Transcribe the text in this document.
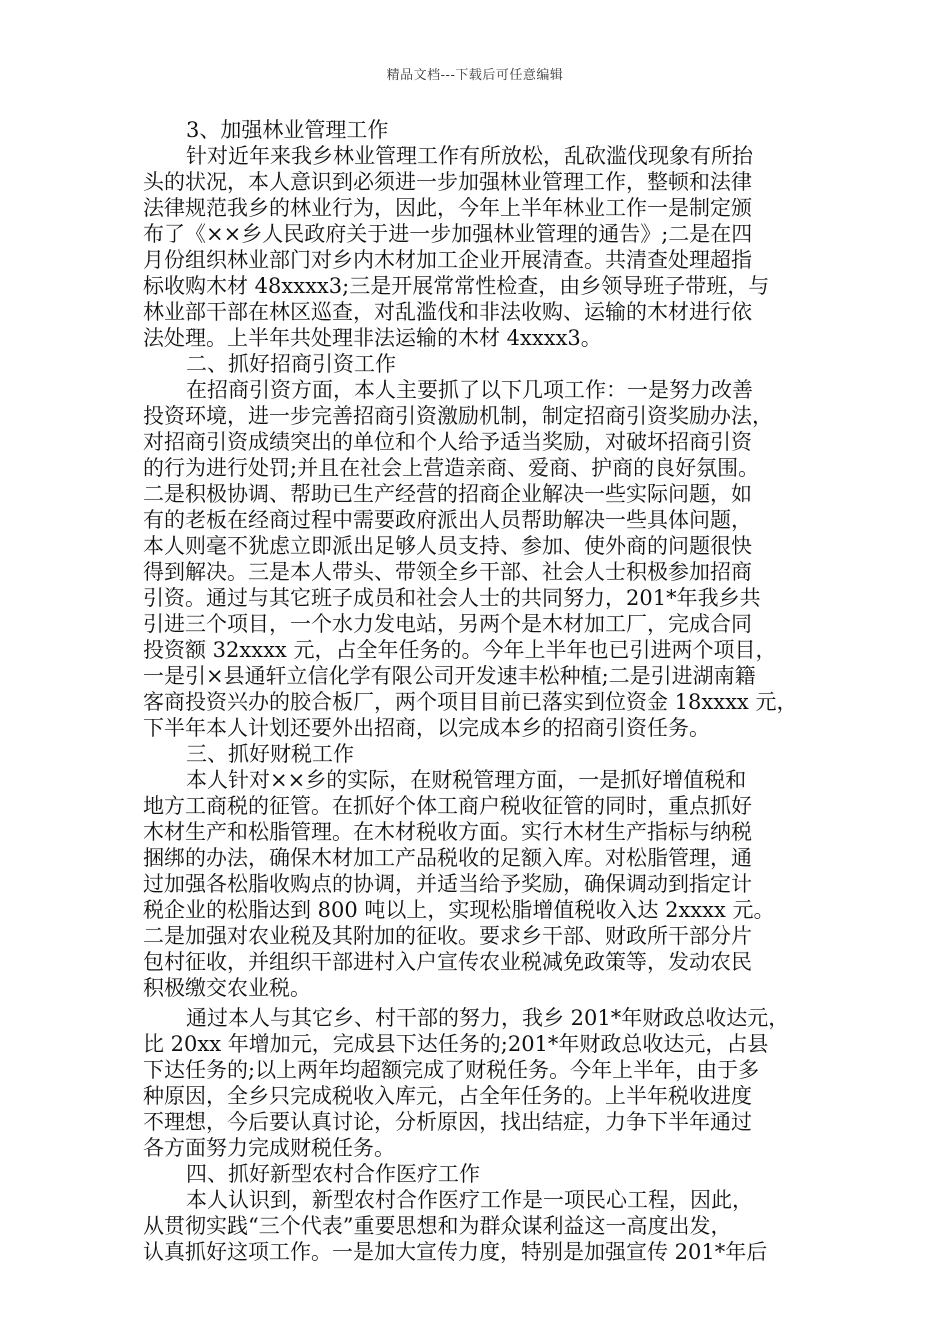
精品文档---下载后可任意编辑
3、加强林业管理工作
针对近年来我乡林业管理工作有所放松，乱砍滥伐现象有所抬
头的状况，本人意识到必须进一步加强林业管理工作，整顿和法律
法律规范我乡的林业行为，因此，今年上半年林业工作一是制定颁
布了《××乡人民政府关于进一步加强林业管理的通告》;二是在四
月份组织林业部门对乡内木材加工企业开展清查。共清查处理超指
标收购木材 48xxxx3;三是开展常常性检查，由乡领导班子带班，与
林业部干部在林区巡查，对乱滥伐和非法收购、运输的木材进行依
法处理。上半年共处理非法运输的木材 4xxxx3。
二、抓好招商引资工作
在招商引资方面，本人主要抓了以下几项工作：一是努力改善
投资环境，进一步完善招商引资激励机制，制定招商引资奖励办法，
对招商引资成绩突出的单位和个人给予适当奖励，对破坏招商引资
的行为进行处罚;并且在社会上营造亲商、爱商、护商的良好氛围。
二是积极协调、帮助已生产经营的招商企业解决一些实际问题，如
有的老板在经商过程中需要政府派出人员帮助解决一些具体问题，
本人则毫不犹虑立即派出足够人员支持、参加、使外商的问题很快
得到解决。三是本人带头、带领全乡干部、社会人士积极参加招商
引资。通过与其它班子成员和社会人士的共同努力，201*年我乡共
引进三个项目，一个水力发电站，另两个是木材加工厂，完成合同
投资额 32xxxx 元，占全年任务的。今年上半年也已引进两个项目，
一是引×县通轩立信化学有限公司开发速丰松种植;二是引进湖南籍
客商投资兴办的胶合板厂，两个项目目前已落实到位资金 18xxxx 元，
下半年本人计划还要外出招商，以完成本乡的招商引资任务。
三、抓好财税工作
本人针对××乡的实际，在财税管理方面，一是抓好增值税和
地方工商税的征管。在抓好个体工商户税收征管的同时，重点抓好
木材生产和松脂管理。在木材税收方面。实行木材生产指标与纳税
捆绑的办法，确保木材加工产品税收的足额入库。对松脂管理，通
过加强各松脂收购点的协调，并适当给予奖励，确保调动到指定计
税企业的松脂达到 800 吨以上，实现松脂增值税收入达 2xxxx 元。
二是加强对农业税及其附加的征收。要求乡干部、财政所干部分片
包村征收，并组织干部进村入户宣传农业税减免政策等，发动农民
积极缴交农业税。
通过本人与其它乡、村干部的努力，我乡 201*年财政总收达元，
比 20xx 年增加元，完成县下达任务的;201*年财政总收达元，占县
下达任务的;以上两年均超额完成了财税任务。今年上半年，由于多
种原因，全乡只完成税收入库元，占全年任务的。上半年税收进度
不理想，今后要认真讨论，分析原因，找出结症，力争下半年通过
各方面努力完成财税任务。
四、抓好新型农村合作医疗工作
本人认识到，新型农村合作医疗工作是一项民心工程，因此，
从贯彻实践“三个代表”重要思想和为群众谋利益这一高度出发，
认真抓好这项工作。一是加大宣传力度，特别是加强宣传 201*年后
